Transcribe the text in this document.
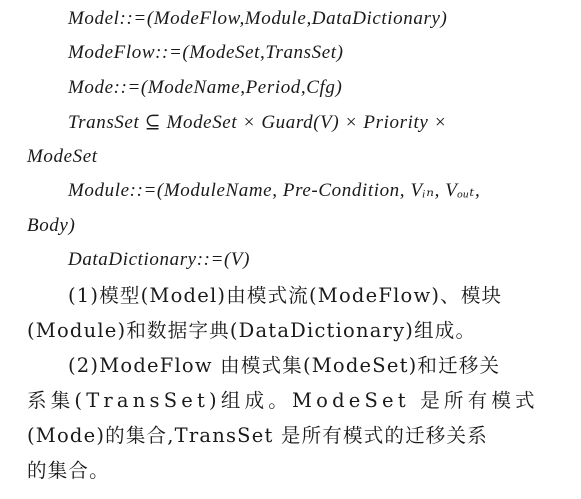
Model::=(ModeFlow,Module,DataDictionary)
ModeFlow::=(ModeSet,TransSet)
Mode::=(ModeName,Period,Cfg)
TransSet ⊆ ModeSet × Guard(V) × Priority ×
ModeSet
Module::=(ModuleName, Pre-Condition, Vᵢₙ, Vₒᵤₜ,
Body)
DataDictionary::=(V)
(1)模型(Model)由模式流(ModeFlow)、模块
(Module)和数据字典(DataDictionary)组成。
(2)ModeFlow 由模式集(ModeSet)和迁移关
系集(TransSet)组成。ModeSet 是所有模式
(Mode)的集合,TransSet 是所有模式的迁移关系
的集合。
